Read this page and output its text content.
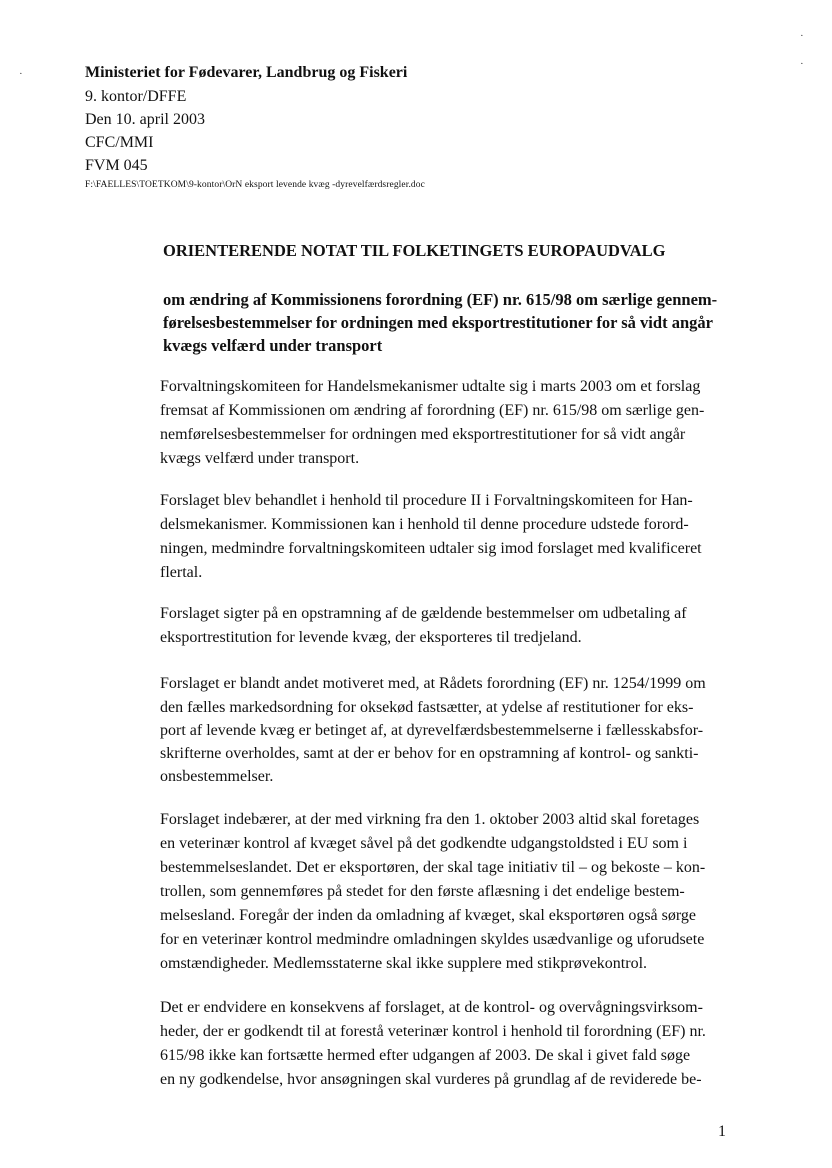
Ministeriet for Fødevarer, Landbrug og Fiskeri
9. kontor/DFFE
Den 10. april 2003
CFC/MMI
FVM 045
F:\FAELLES\TOETKOM\9-kontor\OrN eksport levende kvæg -dyrevelfærdsregler.doc
ORIENTERENDE NOTAT TIL FOLKETINGETS EUROPAUDVALG
om ændring af Kommissionens forordning (EF) nr. 615/98 om særlige gennem-
førelsesbestemmelser for ordningen med eksportrestitutioner for så vidt angår
kvægs velfærd under transport
Forvaltningskomiteen for Handelsmekanismer udtalte sig i marts 2003 om et forslag
fremsat af Kommissionen om ændring af forordning (EF) nr. 615/98 om særlige gen-
nemførelsesbestemmelser for ordningen med eksportrestitutioner for så vidt angår
kvægs velfærd under transport.
Forslaget blev behandlet i henhold til procedure II i Forvaltningskomiteen for Han-
delsmekanismer. Kommissionen kan i henhold til denne procedure udstede forord-
ningen, medmindre forvaltningskomiteen udtaler sig imod forslaget med kvalificeret
flertal.
Forslaget sigter på en opstramning af de gældende bestemmelser om udbetaling af
eksportrestitution for levende kvæg, der eksporteres til tredjeland.
Forslaget er blandt andet motiveret med, at Rådets forordning (EF) nr. 1254/1999 om
den fælles markedsordning for oksekød fastsætter, at ydelse af restitutioner for eks-
port af levende kvæg er betinget af, at dyrevelfærdsbestemmelserne i fællesskabsfor-
skrifterne overholdes, samt at der er behov for en opstramning af kontrol- og sankti-
onsbestemmelser.
Forslaget indebærer, at der med virkning fra den 1. oktober 2003 altid skal foretages
en veterinær kontrol af kvæget såvel på det godkendte udgangstoldsted i EU som i
bestemmelseslandet. Det er eksportøren, der skal tage initiativ til – og bekoste – kon-
trollen, som gennemføres på stedet for den første aflæsning i det endelige bestem-
melsesland. Foregår der inden da omladning af kvæget, skal eksportøren også sørge
for en veterinær kontrol medmindre omladningen skyldes usædvanlige og uforudsete
omstændigheder. Medlemsstaterne skal ikke supplere med stikprøvekontrol.
Det er endvidere en konsekvens af forslaget, at de kontrol- og overvågningsvirksom-
heder, der er godkendt til at forestå veterinær kontrol i henhold til forordning (EF) nr.
615/98 ikke kan fortsætte hermed efter udgangen af 2003. De skal i givet fald søge
en ny godkendelse, hvor ansøgningen skal vurderes på grundlag af de reviderede be-
1
·
·
·
